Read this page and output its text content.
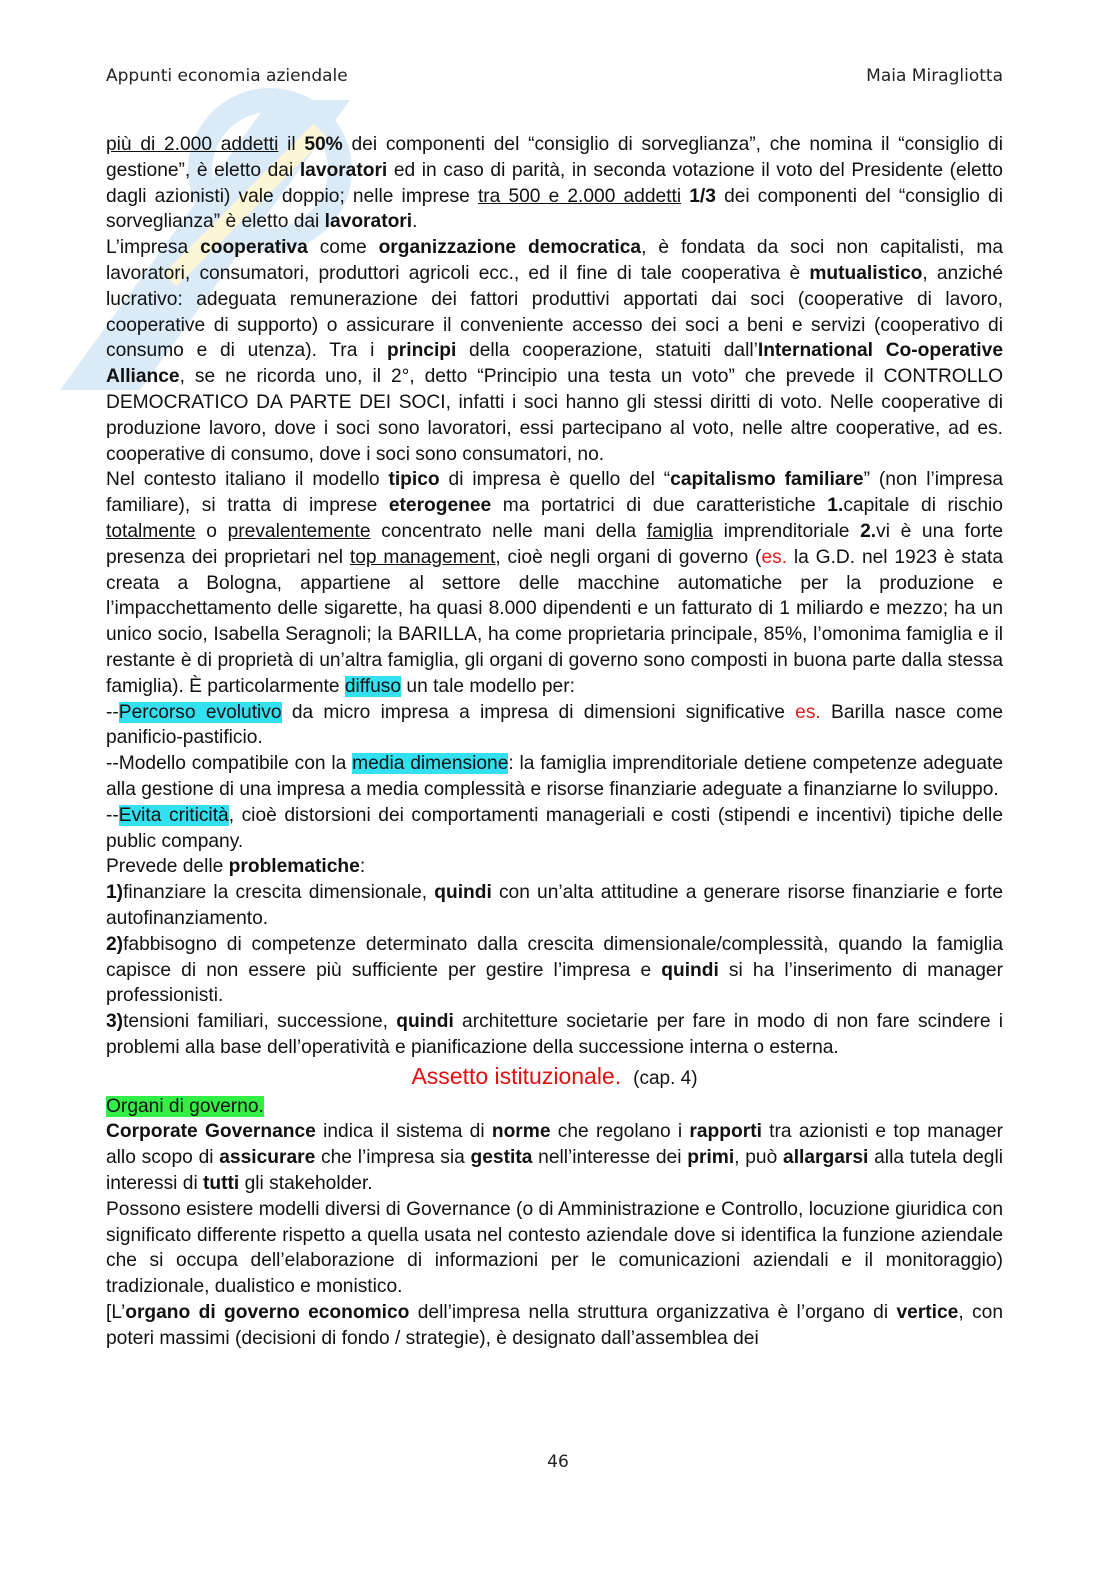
Appunti economia aziendale	Maia Miragliotta

più di 2.000 addetti il 50% dei componenti del “consiglio di sorveglianza”, che nomina il “consiglio di gestione”, è eletto dai lavoratori ed in caso di parità, in seconda votazione il voto del Presidente (eletto dagli azionisti) vale doppio; nelle imprese tra 500 e 2.000 addetti 1/3 dei componenti del “consiglio di sorveglianza” è eletto dai lavoratori.

L’impresa cooperativa come organizzazione democratica, è fondata da soci non capitalisti, ma lavoratori, consumatori, produttori agricoli ecc., ed il fine di tale cooperativa è mutualistico, anziché lucrativo: adeguata remunerazione dei fattori produttivi apportati dai soci (cooperative di lavoro, cooperative di supporto) o assicurare il conveniente accesso dei soci a beni e servizi (cooperativo di consumo e di utenza). Tra i principi della cooperazione, statuiti dall’International Co-operative Alliance, se ne ricorda uno, il 2°, detto “Principio una testa un voto” che prevede il CONTROLLO DEMOCRATICO DA PARTE DEI SOCI, infatti i soci hanno gli stessi diritti di voto. Nelle cooperative di produzione lavoro, dove i soci sono lavoratori, essi partecipano al voto, nelle altre cooperative, ad es. cooperative di consumo, dove i soci sono consumatori, no.

Nel contesto italiano il modello tipico di impresa è quello del “capitalismo familiare” (non l’impresa familiare), si tratta di imprese eterogenee ma portatrici di due caratteristiche 1.capitale di rischio totalmente o prevalentemente concentrato nelle mani della famiglia imprenditoriale 2.vi è una forte presenza dei proprietari nel top management, cioè negli organi di governo (es. la G.D. nel 1923 è stata creata a Bologna, appartiene al settore delle macchine automatiche per la produzione e l’impacchettamento delle sigarette, ha quasi 8.000 dipendenti e un fatturato di 1 miliardo e mezzo; ha un unico socio, Isabella Seragnoli; la BARILLA, ha come proprietaria principale, 85%, l’omonima famiglia e il restante è di proprietà di un’altra famiglia, gli organi di governo sono composti in buona parte dalla stessa famiglia). È particolarmente diffuso un tale modello per:

--Percorso evolutivo da micro impresa a impresa di dimensioni significative es. Barilla nasce come panificio-pastificio.

--Modello compatibile con la media dimensione: la famiglia imprenditoriale detiene competenze adeguate alla gestione di una impresa a media complessità e risorse finanziarie adeguate a finanziarne lo sviluppo.

--Evita criticità, cioè distorsioni dei comportamenti manageriali e costi (stipendi e incentivi) tipiche delle public company.

Prevede delle problematiche:

1)finanziare la crescita dimensionale, quindi con un’alta attitudine a generare risorse finanziarie e forte autofinanziamento.

2)fabbisogno di competenze determinato dalla crescita dimensionale/complessità, quando la famiglia capisce di non essere più sufficiente per gestire l’impresa e quindi si ha l’inserimento di manager professionisti.

3)tensioni familiari, successione, quindi architetture societarie per fare in modo di non fare scindere i problemi alla base dell’operatività e pianificazione della successione interna o esterna.

Assetto istituzionale. (cap. 4)

Organi di governo.

Corporate Governance indica il sistema di norme che regolano i rapporti tra azionisti e top manager allo scopo di assicurare che l’impresa sia gestita nell’interesse dei primi, può allargarsi alla tutela degli interessi di tutti gli stakeholder.

Possono esistere modelli diversi di Governance (o di Amministrazione e Controllo, locuzione giuridica con significato differente rispetto a quella usata nel contesto aziendale dove si identifica la funzione aziendale che si occupa dell’elaborazione di informazioni per le comunicazioni aziendali e il monitoraggio) tradizionale, dualistico e monistico.

[L’organo di governo economico dell’impresa nella struttura organizzativa è l’organo di vertice, con poteri massimi (decisioni di fondo / strategie), è designato dall’assemblea dei

46
